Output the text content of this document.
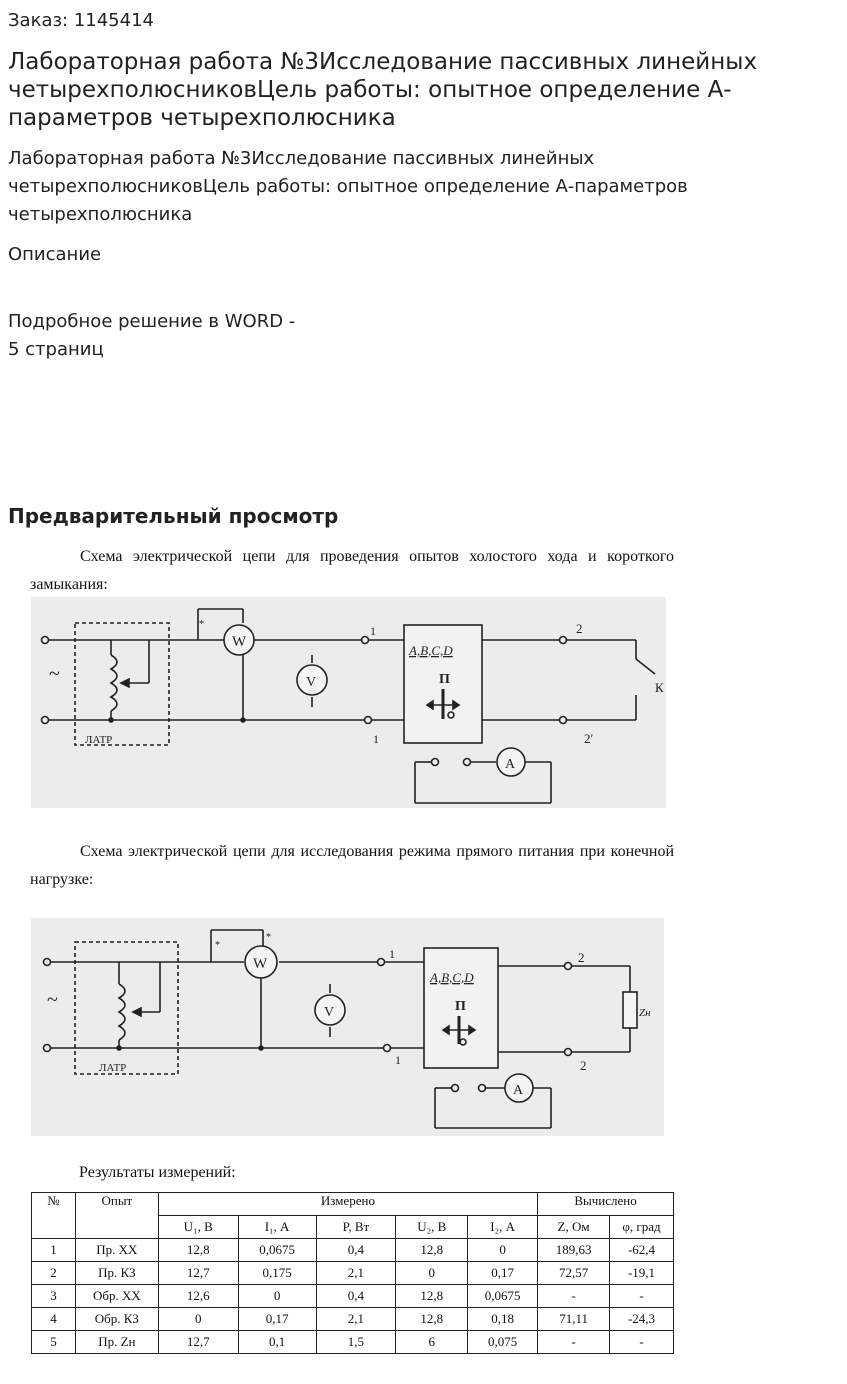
Заказ: 1145414
Лабораторная работа №3Исследование пассивных линейных четырехполюсниковЦель работы: опытное определение А-параметров четырехполюсника
Лабораторная работа №3Исследование пассивных линейных четырехполюсниковЦель работы: опытное определение А-параметров четырехполюсника
Описание
Подробное решение в WORD - 5 страниц
Предварительный просмотр
Схема электрической цепи для проведения опытов холостого хода и короткого замыкания:
~
ЛАТР
*
W
V
1
1
A,B,C,D
П
К
2
2′
A
Схема электрической цепи для исследования режима прямого питания при конечной нагрузке:
~
ЛАТР
*
*
W
V
1
1
A,B,C,D
П	Zн
2
2
A
Результаты измерений:
№	Опыт	Измерено					Вычислено	
		U₁, В	I₁, А	P, Вт	U₂, В	I₂, А	Z, Ом	φ, град
1	Пр. ХХ	12,8	0,0675	0,4	12,8	0	189,63	-62,4
2	Пр. КЗ	12,7	0,175	2,1	0	0,17	72,57	-19,1
3	Обр. ХХ	12,6	0	0,4	12,8	0,0675	-	-
4	Обр. КЗ	0	0,17	2,1	12,8	0,18	71,11	-24,3
5	Пр. Zн	12,7	0,1	1,5	6	0,075	-	-
